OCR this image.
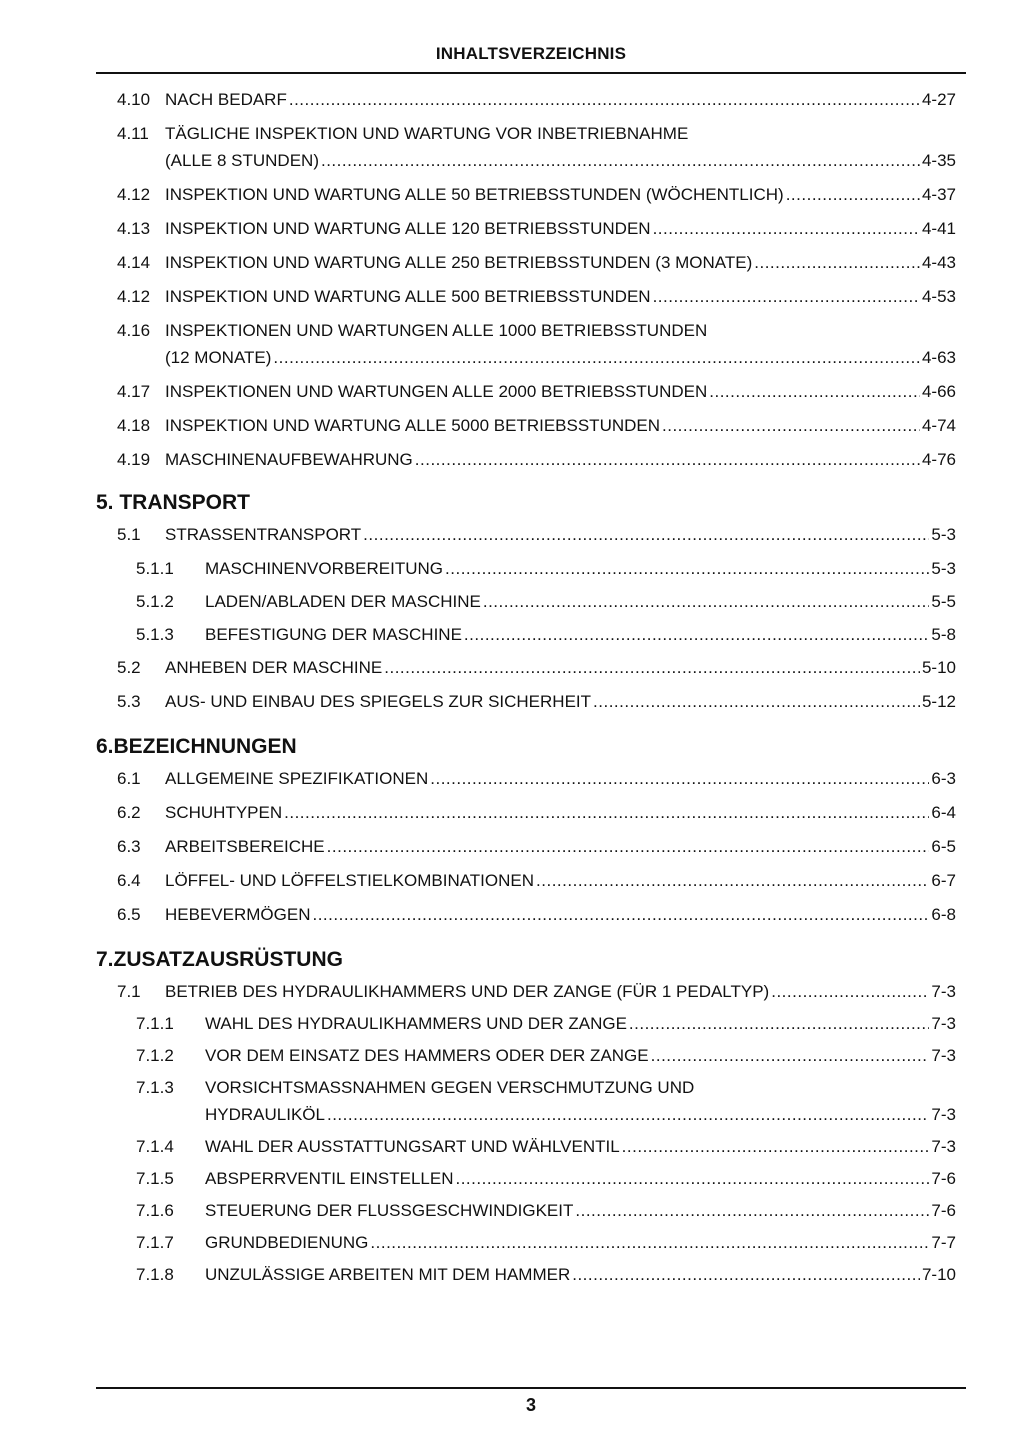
INHALTSVERZEICHNIS
4.10 NACH BEDARF .....	4-27
4.11 TÄGLICHE INSPEKTION UND WARTUNG VOR INBETRIEBNAHME
(ALLE 8 STUNDEN) .....	4-35
4.12 INSPEKTION UND WARTUNG ALLE 50 BETRIEBSSTUNDEN (WÖCHENTLICH) .....	4-37
4.13 INSPEKTION UND WARTUNG ALLE 120 BETRIEBSSTUNDEN .....	4-41
4.14 INSPEKTION UND WARTUNG ALLE 250 BETRIEBSSTUNDEN (3 MONATE) .....	4-43
4.12 INSPEKTION UND WARTUNG ALLE 500 BETRIEBSSTUNDEN .....	4-53
4.16 INSPEKTIONEN UND WARTUNGEN ALLE 1000 BETRIEBSSTUNDEN
(12 MONATE) .....	4-63
4.17 INSPEKTIONEN UND WARTUNGEN ALLE 2000 BETRIEBSSTUNDEN .....	4-66
4.18 INSPEKTION UND WARTUNG ALLE 5000 BETRIEBSSTUNDEN .....	4-74
4.19 MASCHINENAUFBEWAHRUNG .....	4-76
5. TRANSPORT
5.1 STRASSENTRANSPORT .....	5-3
5.1.1 MASCHINENVORBEREITUNG .....	5-3
5.1.2 LADEN/ABLADEN DER MASCHINE .....	5-5
5.1.3 BEFESTIGUNG DER MASCHINE .....	5-8
5.2 ANHEBEN DER MASCHINE .....	5-10
5.3 AUS- UND EINBAU DES SPIEGELS ZUR SICHERHEIT .....	5-12
6.BEZEICHNUNGEN
6.1 ALLGEMEINE SPEZIFIKATIONEN .....	6-3
6.2 SCHUHTYPEN .....	6-4
6.3 ARBEITSBEREICHE .....	6-5
6.4 LÖFFEL- UND LÖFFELSTIELKOMBINATIONEN .....	6-7
6.5 HEBEVERMÖGEN .....	6-8
7.ZUSATZAUSRÜSTUNG
7.1 BETRIEB DES HYDRAULIKHAMMERS UND DER ZANGE (FÜR 1 PEDALTYP) .....	7-3
7.1.1 WAHL DES HYDRAULIKHAMMERS UND DER ZANGE .....	7-3
7.1.2 VOR DEM EINSATZ DES HAMMERS ODER DER ZANGE .....	7-3
7.1.3 VORSICHTSMASSNAHMEN GEGEN VERSCHMUTZUNG UND
HYDRAULIKÖL .....	7-3
7.1.4 WAHL DER AUSSTATTUNGSART UND WÄHLVENTIL .....	7-3
7.1.5 ABSPERRVENTIL EINSTELLEN .....	7-6
7.1.6 STEUERUNG DER FLUSSGESCHWINDIGKEIT .....	7-6
7.1.7 GRUNDBEDIENUNG .....	7-7
7.1.8 UNZULÄSSIGE ARBEITEN MIT DEM HAMMER .....	7-10
3
